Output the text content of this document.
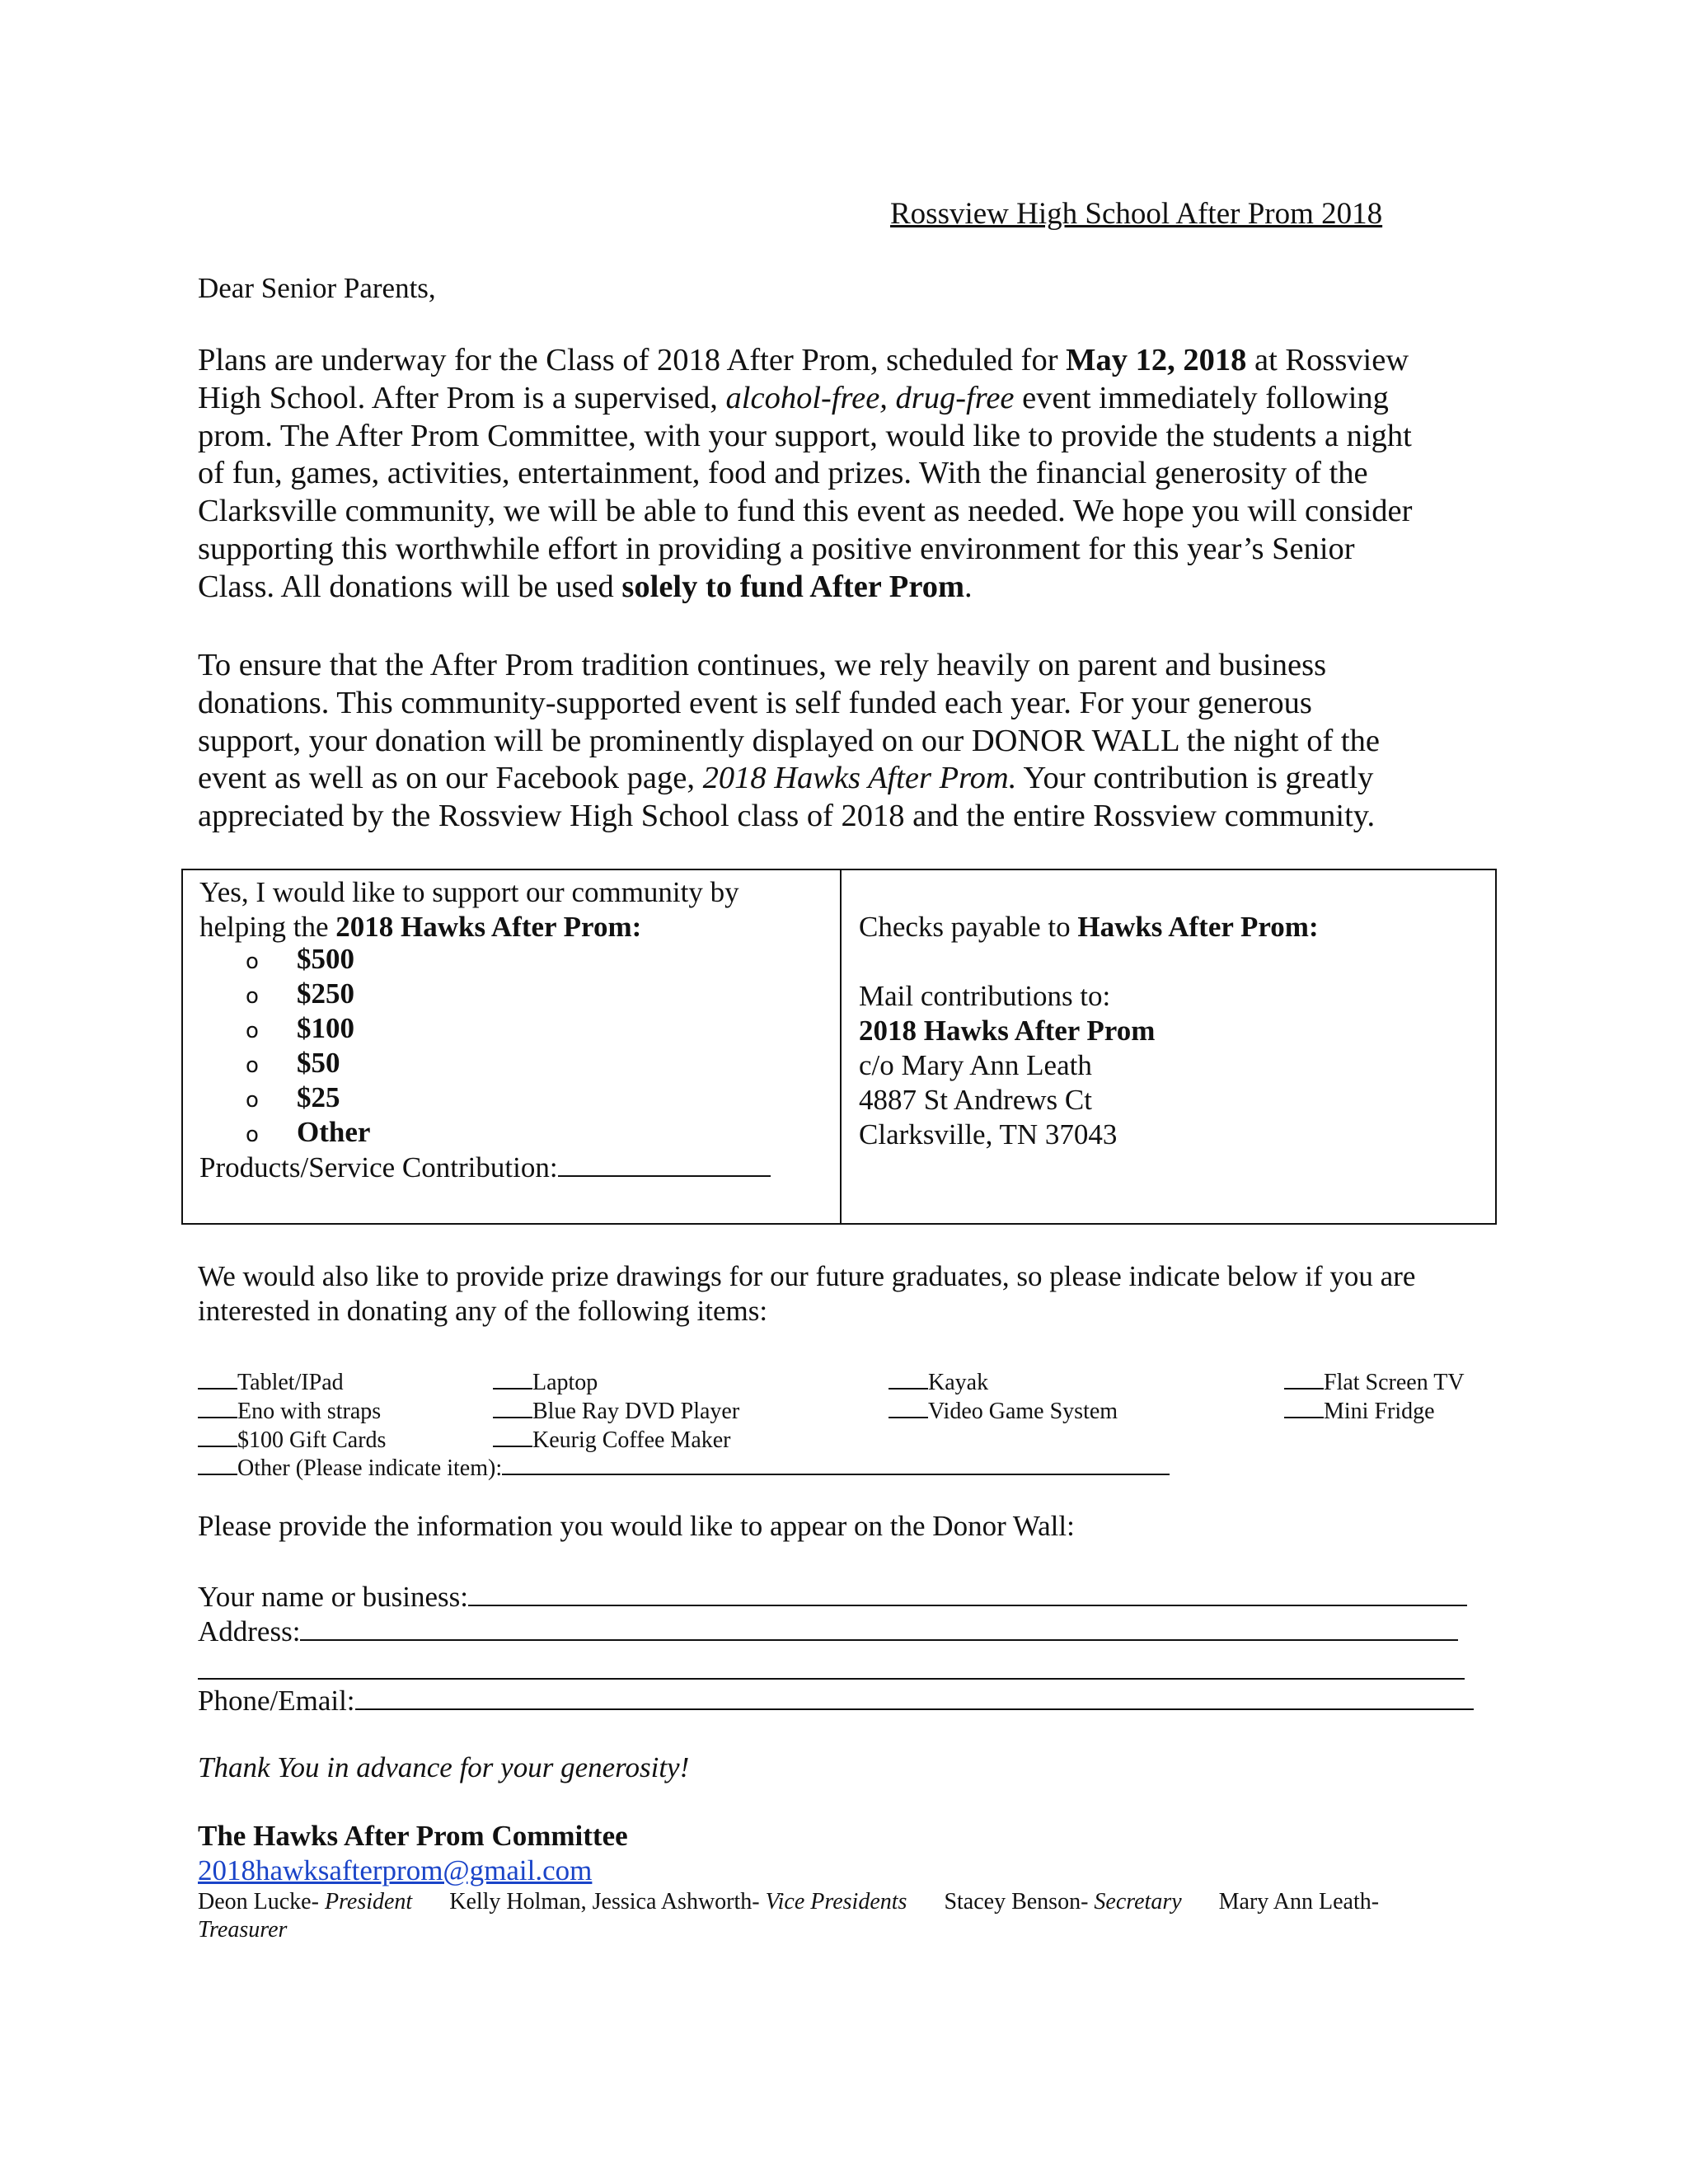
Rossview High School After Prom 2018
Dear Senior Parents,
Plans are underway for the Class of 2018 After Prom, scheduled for May 12, 2018 at Rossview
High School. After Prom is a supervised, alcohol-free, drug-free event immediately following
prom. The After Prom Committee, with your support, would like to provide the students a night
of fun, games, activities, entertainment, food and prizes. With the financial generosity of the
Clarksville community, we will be able to fund this event as needed. We hope you will consider
supporting this worthwhile effort in providing a positive environment for this year’s Senior
Class. All donations will be used solely to fund After Prom.
To ensure that the After Prom tradition continues, we rely heavily on parent and business
donations. This community-supported event is self funded each year. For your generous
support, your donation will be prominently displayed on our DONOR WALL the night of the
event as well as on our Facebook page, 2018 Hawks After Prom. Your contribution is greatly
appreciated by the Rossview High School class of 2018 and the entire Rossview community.
Yes, I would like to support our community by
helping the 2018 Hawks After Prom:
o $500
o $250
o $100
o $50
o $25
o Other
Products/Service Contribution:
Checks payable to Hawks After Prom:
Mail contributions to:
2018 Hawks After Prom
c/o Mary Ann Leath
4887 St Andrews Ct
Clarksville, TN 37043
We would also like to provide prize drawings for our future graduates, so please indicate below if you are
interested in donating any of the following items:
Tablet/IPad	Laptop	Kayak	Flat Screen TV
Eno with straps	Blue Ray DVD Player	Video Game System	Mini Fridge
$100 Gift Cards	Keurig Coffee Maker
Other (Please indicate item):
Please provide the information you would like to appear on the Donor Wall:
Your name or business:
Address:
Phone/Email:
Thank You in advance for your generosity!
The Hawks After Prom Committee
2018hawksafterprom@gmail.com
Deon Lucke- President Kelly Holman, Jessica Ashworth- Vice Presidents Stacey Benson- Secretary Mary Ann Leath-
Treasurer
